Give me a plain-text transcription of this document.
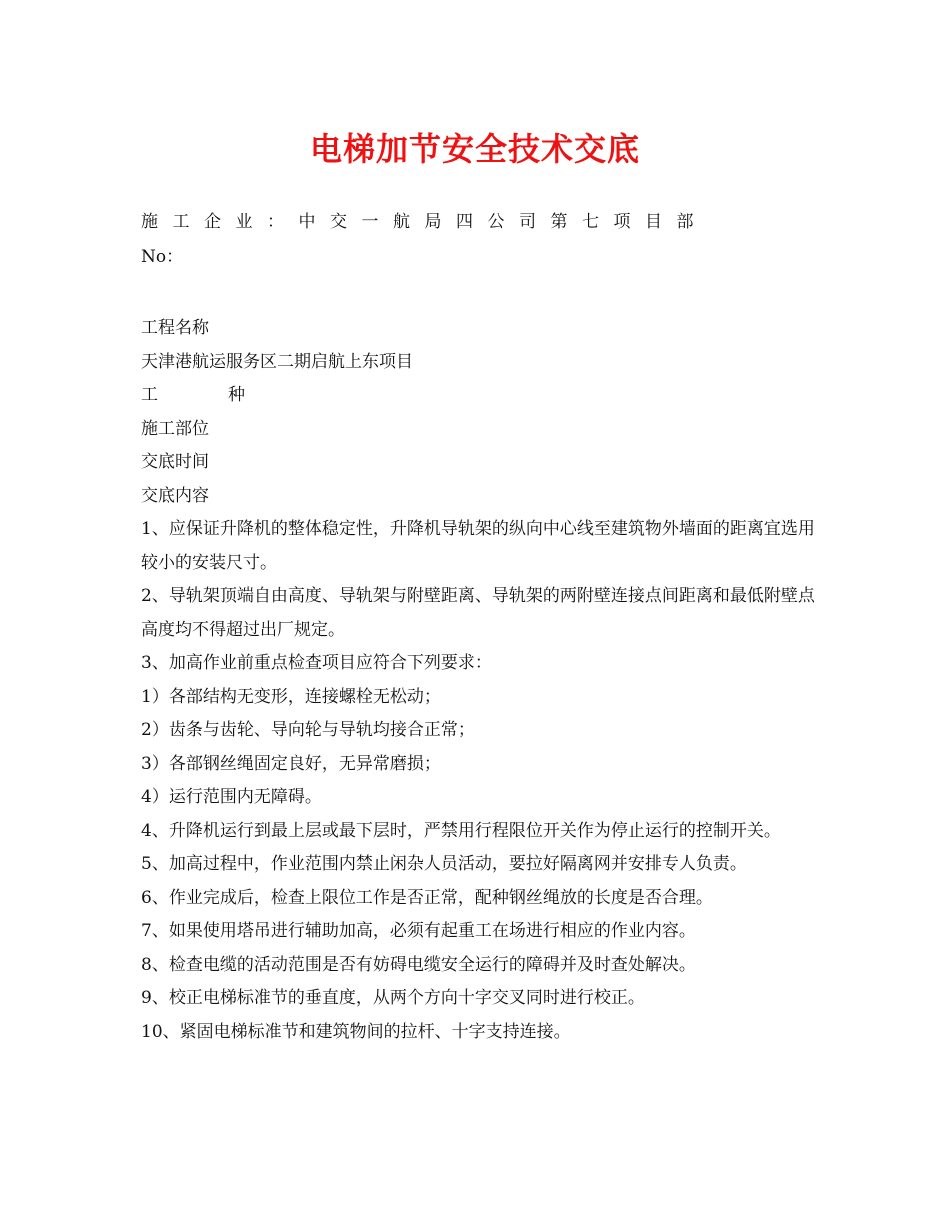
电梯加节安全技术交底
施工企业：中交一航局四公司第七项目部
No：
工程名称
天津港航运服务区二期启航上东项目
工	种
施工部位
交底时间
交底内容
1、应保证升降机的整体稳定性，升降机导轨架的纵向中心线至建筑物外墙面的距离宜选用较小的安装尺寸。
2、导轨架顶端自由高度、导轨架与附壁距离、导轨架的两附壁连接点间距离和最低附壁点高度均不得超过出厂规定。
3、加高作业前重点检查项目应符合下列要求：
1）各部结构无变形，连接螺栓无松动；
2）齿条与齿轮、导向轮与导轨均接合正常；
3）各部钢丝绳固定良好，无异常磨损；
4）运行范围内无障碍。
4、升降机运行到最上层或最下层时，严禁用行程限位开关作为停止运行的控制开关。
5、加高过程中，作业范围内禁止闲杂人员活动，要拉好隔离网并安排专人负责。
6、作业完成后，检查上限位工作是否正常，配种钢丝绳放的长度是否合理。
7、如果使用塔吊进行辅助加高，必须有起重工在场进行相应的作业内容。
8、检查电缆的活动范围是否有妨碍电缆安全运行的障碍并及时查处解决。
9、校正电梯标准节的垂直度，从两个方向十字交叉同时进行校正。
10、紧固电梯标准节和建筑物间的拉杆、十字支持连接。
